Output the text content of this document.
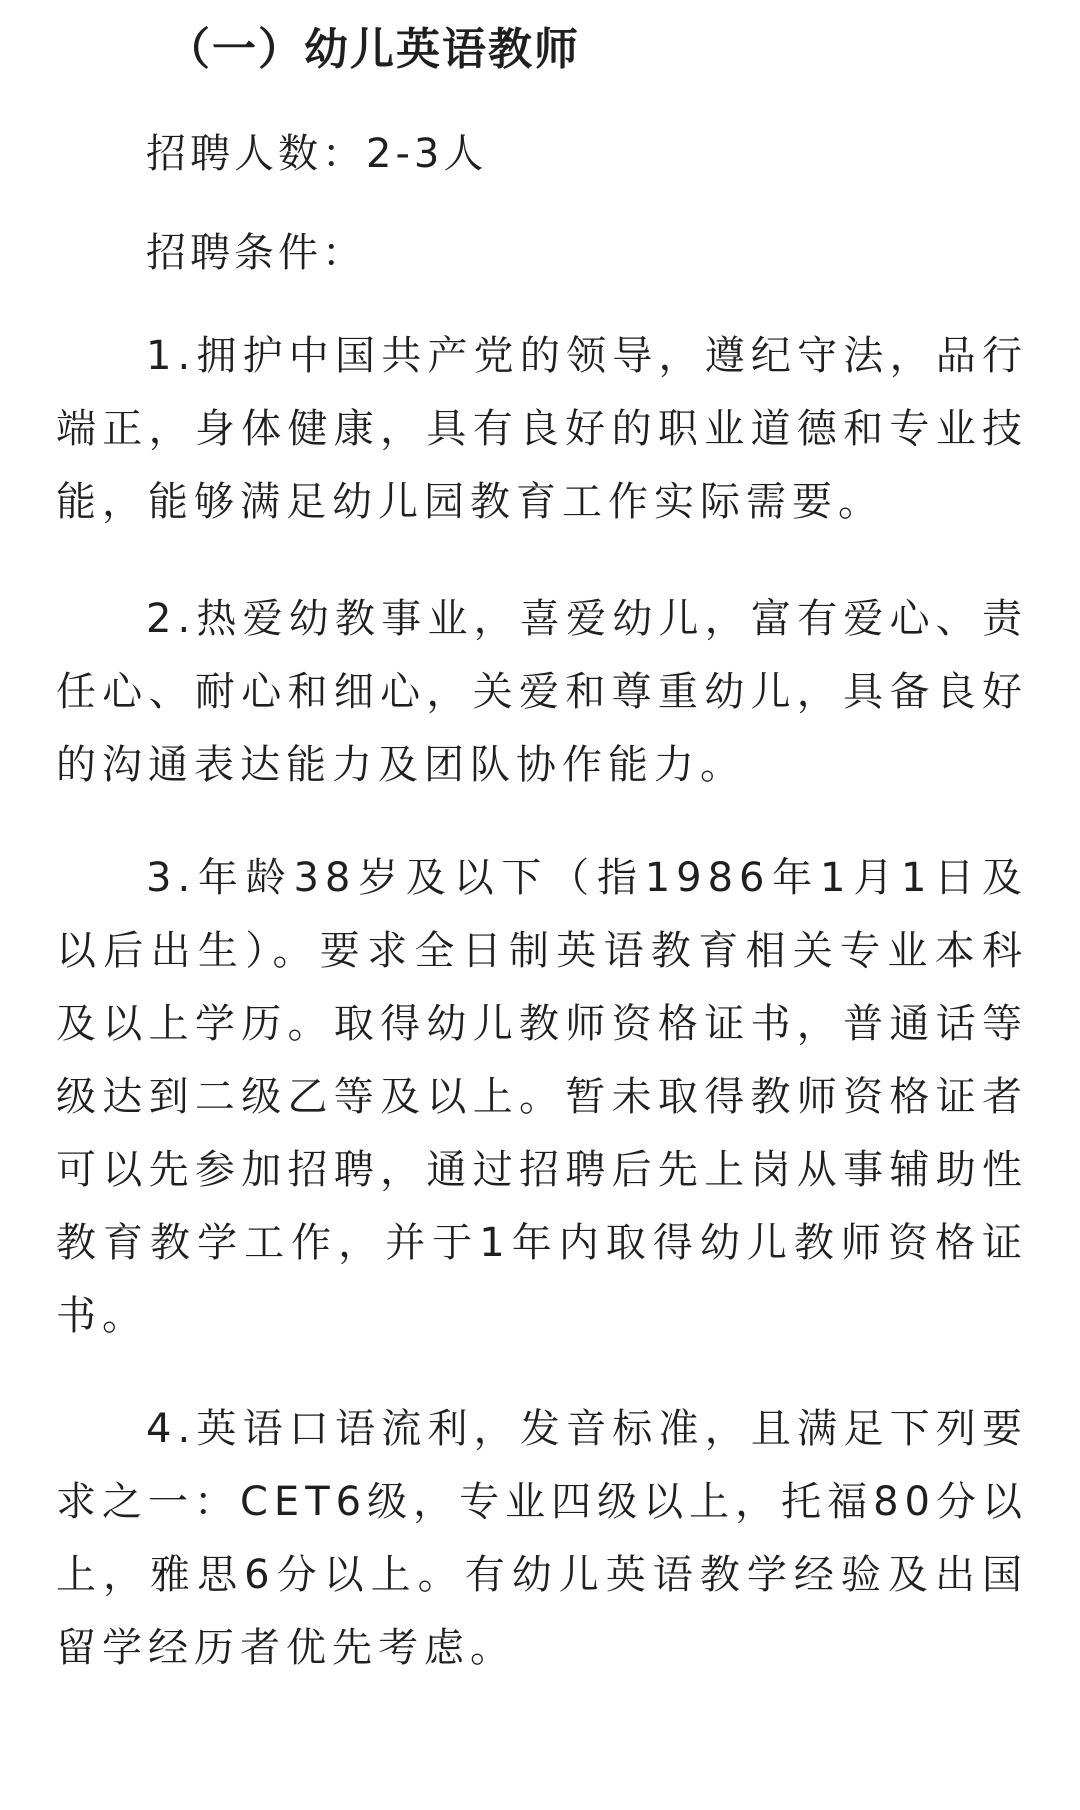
（一）幼儿英语教师

招聘人数：2-3人

招聘条件：

1.拥护中国共产党的领导，遵纪守法，品行端正，身体健康，具有良好的职业道德和专业技能，能够满足幼儿园教育工作实际需要。

2.热爱幼教事业，喜爱幼儿，富有爱心、责任心、耐心和细心，关爱和尊重幼儿，具备良好的沟通表达能力及团队协作能力。

3.年龄38岁及以下（指1986年1月1日及以后出生）。要求全日制英语教育相关专业本科及以上学历。取得幼儿教师资格证书，普通话等级达到二级乙等及以上。暂未取得教师资格证者可以先参加招聘，通过招聘后先上岗从事辅助性教育教学工作，并于1年内取得幼儿教师资格证书。

4.英语口语流利，发音标准，且满足下列要求之一：CET6级，专业四级以上，托福80分以上，雅思6分以上。有幼儿英语教学经验及出国留学经历者优先考虑。
